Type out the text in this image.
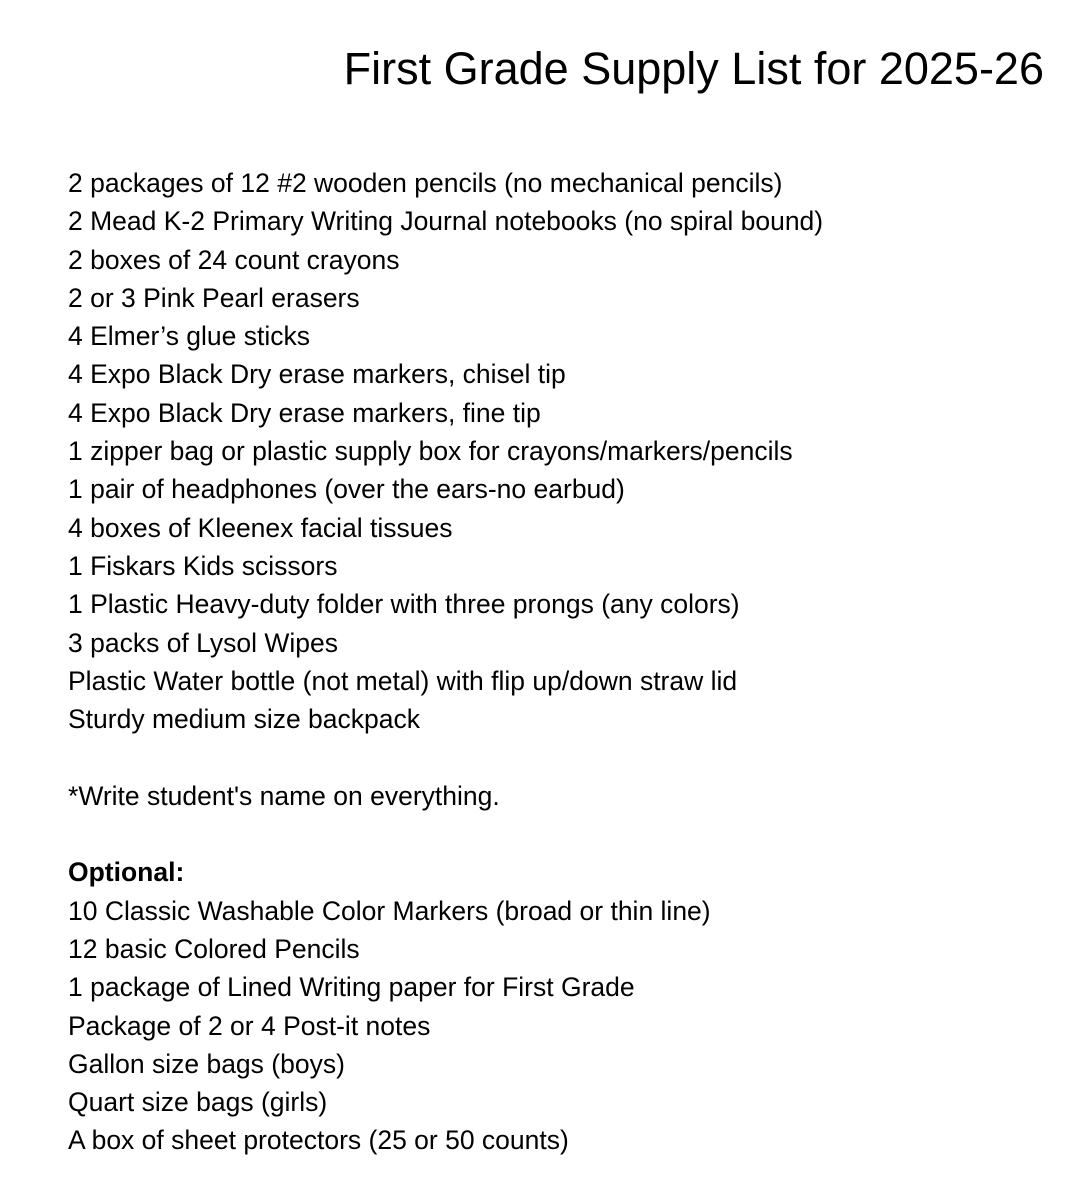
First Grade Supply List for 2025-26
2 packages of 12 #2 wooden pencils (no mechanical pencils)
2 Mead K-2 Primary Writing Journal notebooks (no spiral bound)
2 boxes of 24 count crayons
2 or 3 Pink Pearl erasers
4 Elmer’s glue sticks
4 Expo Black Dry erase markers, chisel tip
4 Expo Black Dry erase markers, fine tip
1 zipper bag or plastic supply box for crayons/markers/pencils
1 pair of headphones (over the ears-no earbud)
4 boxes of Kleenex facial tissues
1 Fiskars Kids scissors
1 Plastic Heavy-duty folder with three prongs (any colors)
3 packs of Lysol Wipes
Plastic Water bottle (not metal) with flip up/down straw lid
Sturdy medium size backpack

*Write student's name on everything.

Optional:

10 Classic Washable Color Markers (broad or thin line)
12 basic Colored Pencils
1 package of Lined Writing paper for First Grade
Package of 2 or 4 Post-it notes
Gallon size bags (boys)
Quart size bags (girls)
A box of sheet protectors (25 or 50 counts)
